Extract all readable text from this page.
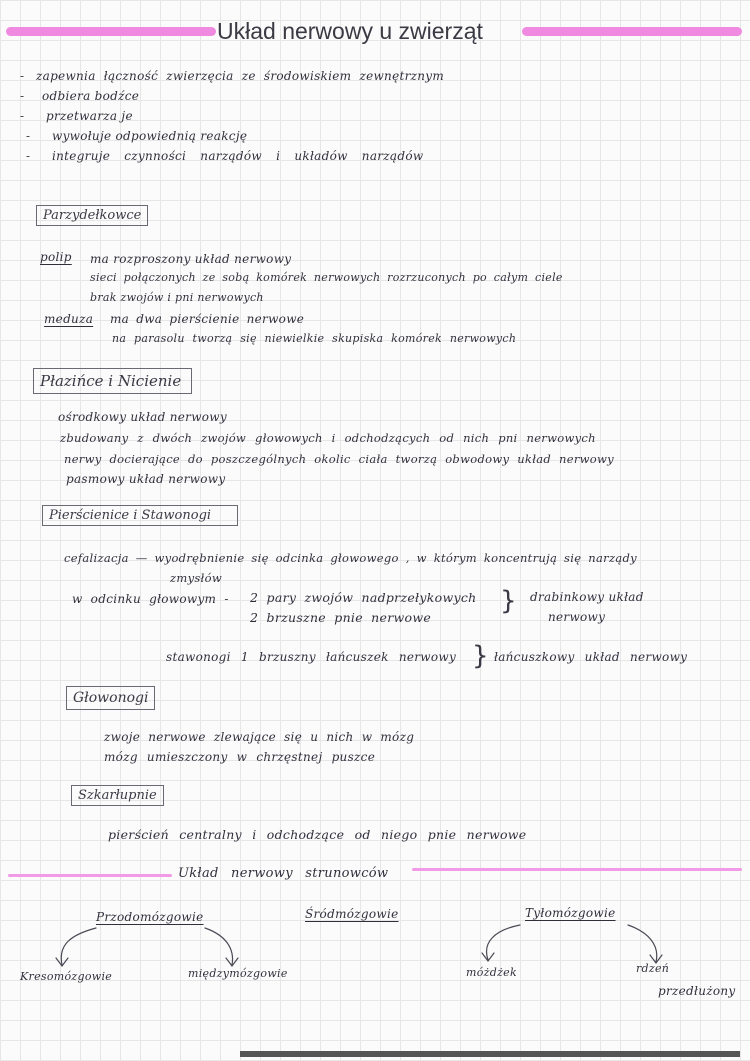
Układ nerwowy u zwierząt
- zapewnia łączność zwierzęcia ze środowiskiem zewnętrznym
- odbiera bodźce
- przetwarza je
- wywołuje odpowiednią reakcję
- integruje czynności narządów i układów narządów
Parzydełkowce
polip ma rozproszony układ nerwowy
sieci połączonych ze sobą komórek nerwowych rozrzuconych po całym ciele
brak zwojów i pni nerwowych
meduza ma dwa pierścienie nerwowe
na parasolu tworzą się niewielkie skupiska komórek nerwowych
Płazińce i Nicienie
ośrodkowy układ nerwowy
zbudowany z dwóch zwojów głowowych i odchodzących od nich pni nerwowych
nerwy docierające do poszczególnych okolic ciała tworzą obwodowy układ nerwowy
pasmowy układ nerwowy
Pierścienice i Stawonogi
cefalizacja — wyodrębnienie się odcinka głowowego , w którym koncentrują się narządy
zmysłów
w odcinku głowowym - 2 pary zwojów nadprzełykowych
2 brzuszne pnie nerwowe
} drabinkowy układ
nerwowy
stawonogi 1 brzuszny łańcuszek nerwowy } łańcuszkowy układ nerwowy
Głowonogi
zwoje nerwowe zlewające się u nich w mózg
mózg umieszczony w chrzęstnej puszce
Szkarłupnie
pierścień centralny i odchodzące od niego pnie nerwowe
Układ nerwowy strunowców
Przodomózgowie	Śródmózgowie	Tyłomózgowie
Kresomózgowie	międzymózgowie	móżdżek	rdzeń
przedłużony
